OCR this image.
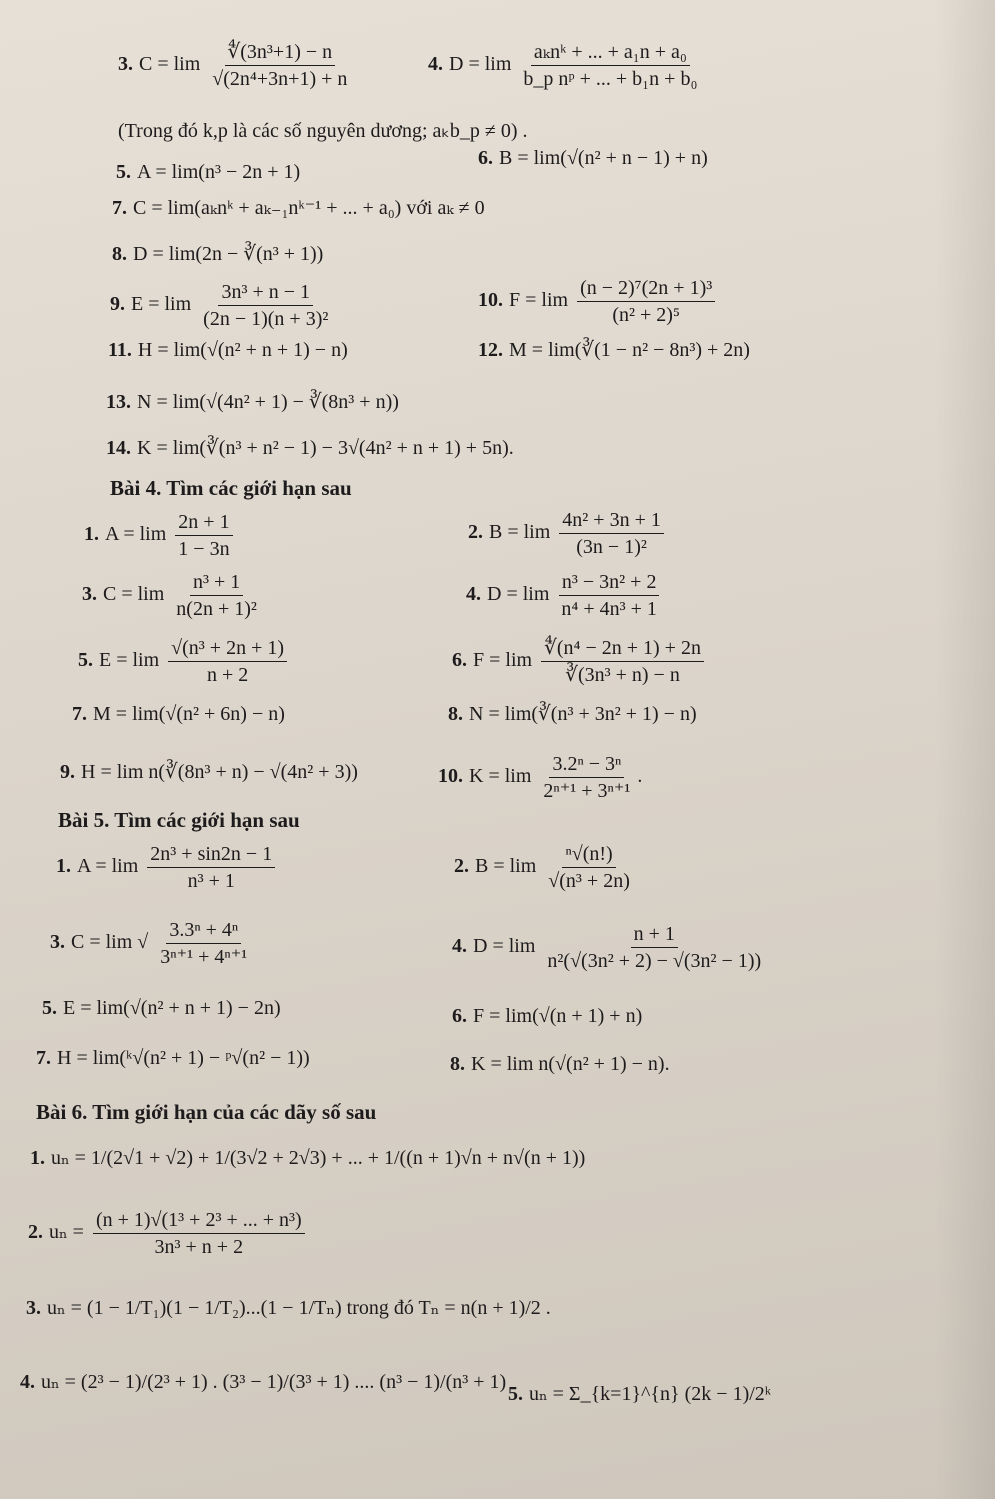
3. $C = \lim \frac{\text{∜(3n³+1) − n}}{\text{√(2n⁴+3n+1) + n}}$	4. $D = \lim \frac{\text{aₖnᵏ + ... + a₁n + a₀}}{\text{b\_p nᵖ + ... + b₁n + b₀}}$
(Trong đó k,p là các số nguyên dương; aₖb_p ≠ 0) .
5. A = lim(n³ − 2n + 1)
6. B = lim(√(n² + n − 1) + n)
7. C = lim(aₖnᵏ + aₖ₋₁nᵏ⁻¹ + ... + a₀) với aₖ ≠ 0
8. D = lim(2n − ∛(n³ + 1))
9. $E = \lim \frac{\text{3n³ + n − 1}}{\text{(2n − 1)(n + 3)²}}$	10. $F = \lim \frac{\text{(n − 2)⁷(2n + 1)³}}{\text{(n² + 2)⁵}}$
11. H = lim(√(n² + n + 1) − n)	12. M = lim(∛(1 − n² − 8n³) + 2n)
13. N = lim(√(4n² + 1) − ∛(8n³ + n))
14. K = lim(∛(n³ + n² − 1) − 3√(4n² + n + 1) + 5n).
Bài 4. Tìm các giới hạn sau
1. $A = \lim \frac{2n + 1}{1 - 3n}$	2. $B = \lim \frac{\text{4n² + 3n + 1}}{\text{(3n − 1)²}}$
3. $C = \lim \frac{\text{n³ + 1}}{\text{n(2n + 1)²}}$	4. $D = \lim \frac{\text{n³ − 3n² + 2}}{\text{n⁴ + 4n³ + 1}}$
5. $E = \lim \frac{\text{√(n³ + 2n + 1)}}{n + 2}$	6. $F = \lim \frac{\text{∜(n⁴ − 2n + 1) + 2n}}{\text{∛(3n³ + n) − n}}$
7. M = lim(√(n² + 6n) − n)	8. N = lim(∛(n³ + 3n² + 1) − n)
9. H = lim n(∛(8n³ + n) − √(4n² + 3))	10. $K = \lim \frac{\text{3.2ⁿ − 3ⁿ}}{\text{2ⁿ⁺¹ + 3ⁿ⁺¹}}$ .
Bài 5. Tìm các giới hạn sau
1. $A = \lim \frac{\text{2n³ + sin2n − 1}}{\text{n³ + 1}}$	2. $B = \lim \frac{\text{ⁿ√(n!)}}{\text{√(n³ + 2n)}}$
3. C = lim √ $\frac{\text{3.3ⁿ + 4ⁿ}}{\text{3ⁿ⁺¹ + 4ⁿ⁺¹}}$	4. $D = \lim \frac{n + 1}{\text{n²(√(3n² + 2) − √(3n² − 1))}}$
5. E = lim(√(n² + n + 1) − 2n)	6. F = lim(√(n + 1) + n)
7. H = lim(ᵏ√(n² + 1) − ᵖ√(n² − 1))	8. K = lim n(√(n² + 1) − n).
Bài 6. Tìm giới hạn của các dãy số sau
1. uₙ = 1/(2√1 + √2) + 1/(3√2 + 2√3) + ... + 1/((n + 1)√n + n√(n + 1))
2. $u_n = \frac{\text{(n + 1)√(1³ + 2³ + ... + n³)}}{\text{3n³ + n + 2}}$
3. uₙ = (1 − 1/T₁)(1 − 1/T₂)...(1 − 1/Tₙ) trong đó Tₙ = n(n + 1)/2 .
4. uₙ = (2³ − 1)/(2³ + 1) . (3³ − 1)/(3³ + 1) .... (n³ − 1)/(n³ + 1)
5. uₙ = Σ_{k=1}^{n} (2k − 1)/2ᵏ
